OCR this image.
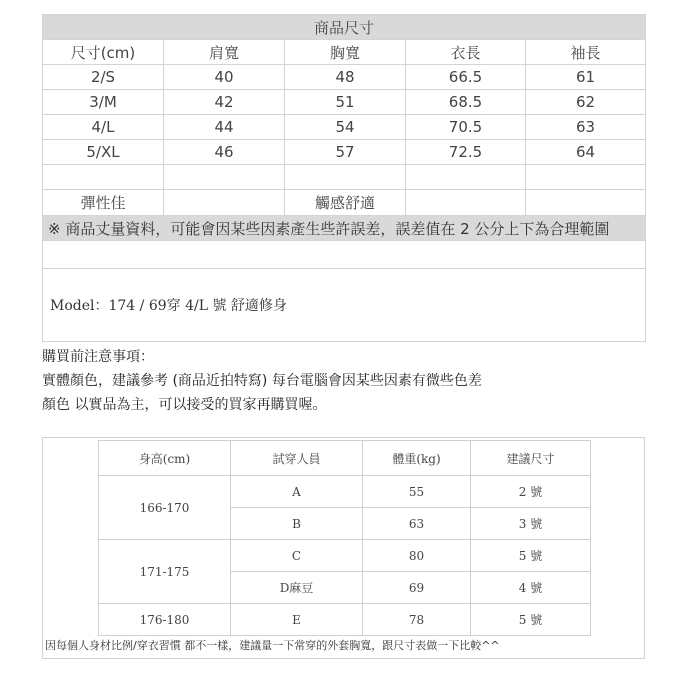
商品尺寸				
尺寸(cm)	肩寬	胸寬	衣長	袖長
2/S	40	48	66.5	61
3/M	42	51	68.5	62
4/L	44	54	70.5	63
5/XL	46	57	72.5	64

彈性佳		觸感舒適		
※ 商品丈量資料，可能會因某些因素產生些許誤差，誤差值在 2 公分上下為合理範圍				

Model：174 / 69穿 4/L 號 舒適修身				
購買前注意事項：
實體顏色，建議參考 (商品近拍特寫) 每台電腦會因某些因素有微些色差
顏色 以實品為主，可以接受的買家再購買喔。
身高(cm)	試穿人員	體重(kg)	建議尺寸
166-170	A	55	2 號
	B	63	3 號
171-175	C	80	5 號
	D麻豆	69	4 號
176-180	E	78	5 號
因每個人身材比例/穿衣習慣 都不一樣，建議量一下常穿的外套胸寬，跟尺寸表做一下比較^^
